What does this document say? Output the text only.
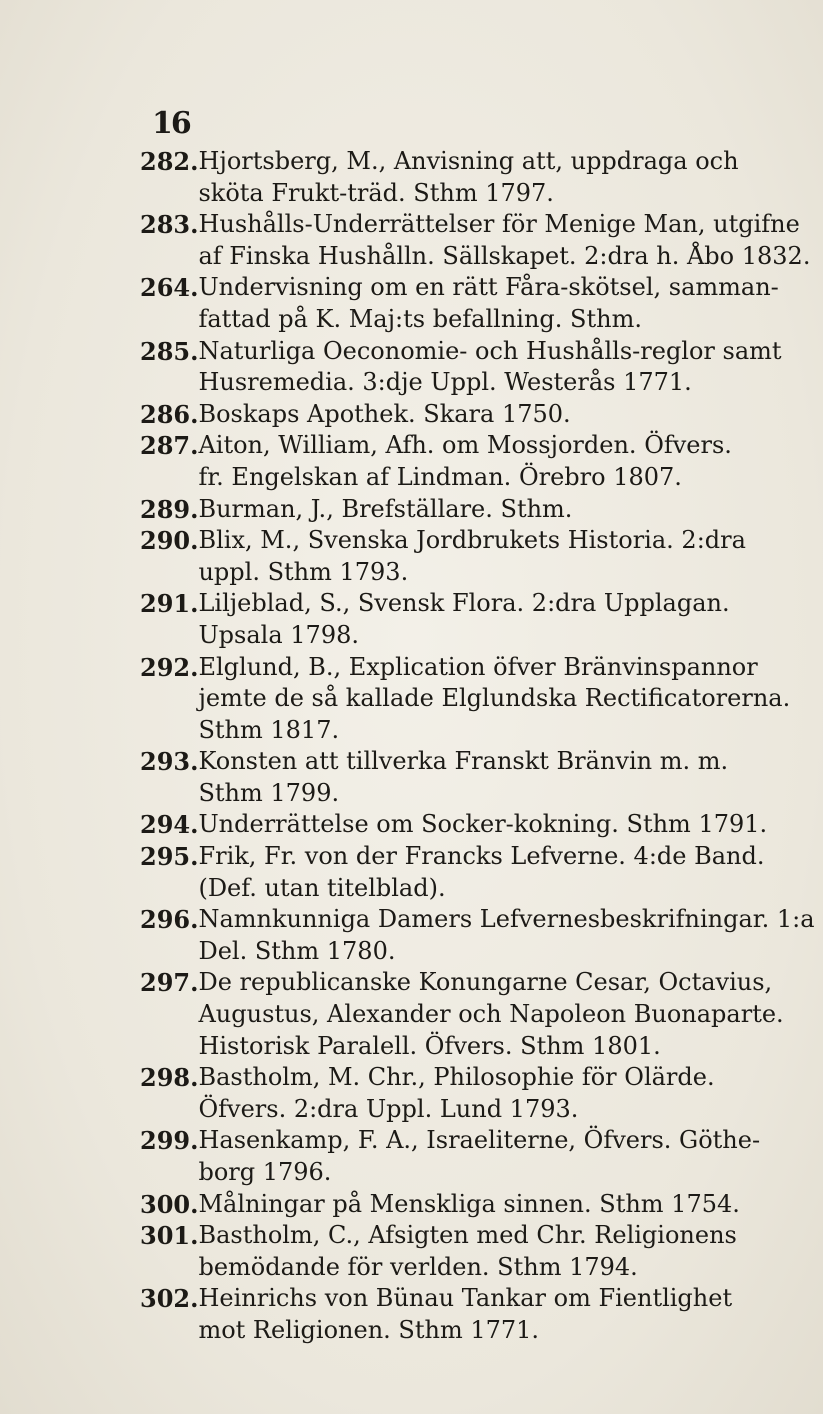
16
282. Hjortsberg, M., Anvisning att, uppdraga och
sköta Frukt-träd. Sthm 1797.
283. Hushålls-Underrättelser för Menige Man, utgifne
af Finska Hushålln. Sällskapet. 2:dra h. Åbo 1832.
264. Undervisning om en rätt Fåra-skötsel, samman-
fattad på K. Maj:ts befallning. Sthm.
285. Naturliga Oeconomie- och Hushålls-reglor samt
Husremedia. 3:dje Uppl. Westerås 1771.
286. Boskaps Apothek. Skara 1750.
287. Aiton, William, Afh. om Mossjorden. Öfvers.
fr. Engelskan af Lindman. Örebro 1807.
289. Burman, J., Brefställare. Sthm.
290. Blix, M., Svenska Jordbrukets Historia. 2:dra
uppl. Sthm 1793.
291. Liljeblad, S., Svensk Flora. 2:dra Upplagan.
Upsala 1798.
292. Elglund, B., Explication öfver Bränvinspannor
jemte de så kallade Elglundska Rectificatorerna.
Sthm 1817.
293. Konsten att tillverka Franskt Bränvin m. m.
Sthm 1799.
294. Underrättelse om Socker-kokning. Sthm 1791.
295. Frik, Fr. von der Francks Lefverne. 4:de Band.
(Def. utan titelblad).
296. Namnkunniga Damers Lefvernesbeskrifningar. 1:a
Del. Sthm 1780.
297. De republicanske Konungarne Cesar, Octavius,
Augustus, Alexander och Napoleon Buonaparte.
Historisk Paralell. Öfvers. Sthm 1801.
298. Bastholm, M. Chr., Philosophie för Olärde.
Öfvers. 2:dra Uppl. Lund 1793.
299. Hasenkamp, F. A., Israeliterne, Öfvers. Göthe-
borg 1796.
300. Målningar på Menskliga sinnen. Sthm 1754.
301. Bastholm, C., Afsigten med Chr. Religionens
bemödande för verlden. Sthm 1794.
302. Heinrichs von Bünau Tankar om Fientlighet
mot Religionen. Sthm 1771.
